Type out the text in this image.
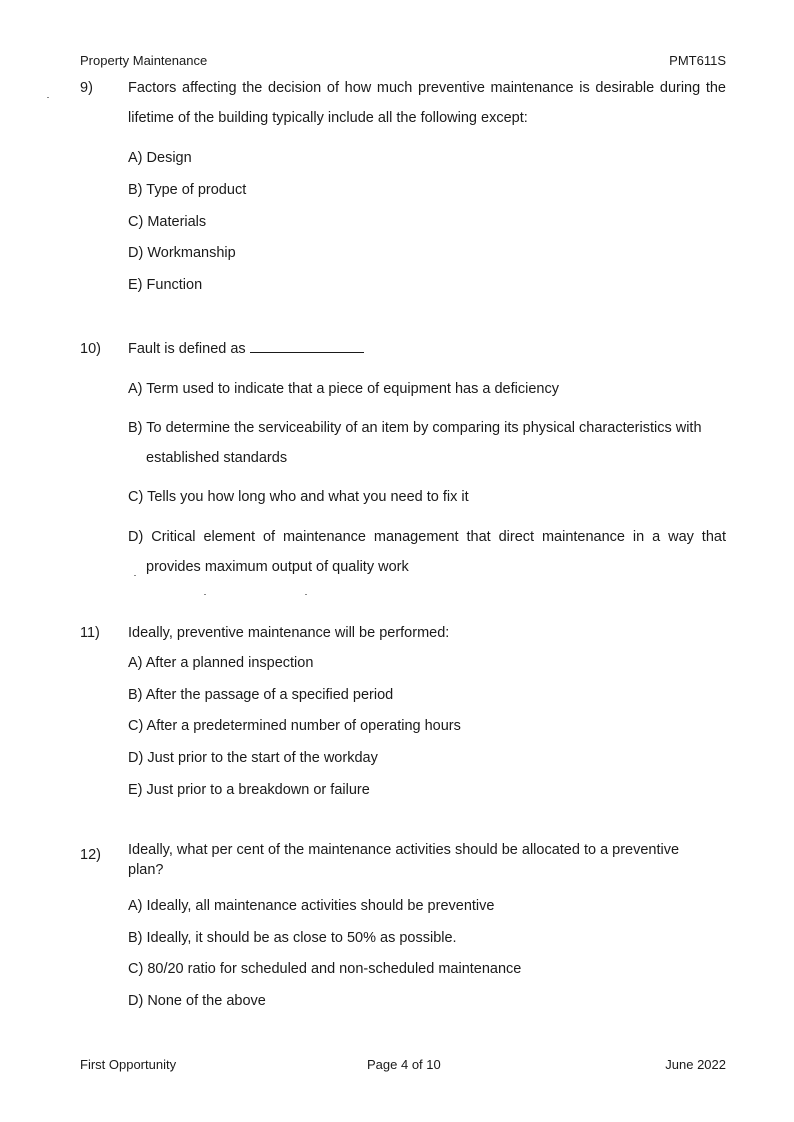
Property Maintenance	PMT611S
9) Factors affecting the decision of how much preventive maintenance is desirable during the lifetime of the building typically include all the following except:
A) Design
B) Type of product
C) Materials
D) Workmanship
E) Function
10) Fault is defined as
A) Term used to indicate that a piece of equipment has a deficiency
B) To determine the serviceability of an item by comparing its physical characteristics with
established standards
C) Tells you how long who and what you need to fix it
D) Critical element of maintenance management that direct maintenance in a way that
provides maximum output of quality work
11) Ideally, preventive maintenance will be performed:
A) After a planned inspection
B) After the passage of a specified period
C) After a predetermined number of operating hours
D) Just prior to the start of the workday
E) Just prior to a breakdown or failure
12) Ideally, what per cent of the maintenance activities should be allocated to a preventive plan?
A) Ideally, all maintenance activities should be preventive
B) Ideally, it should be as close to 50% as possible.
C) 80/20 ratio for scheduled and non-scheduled maintenance
D) None of the above
First Opportunity	Page 4 of 10	June 2022
